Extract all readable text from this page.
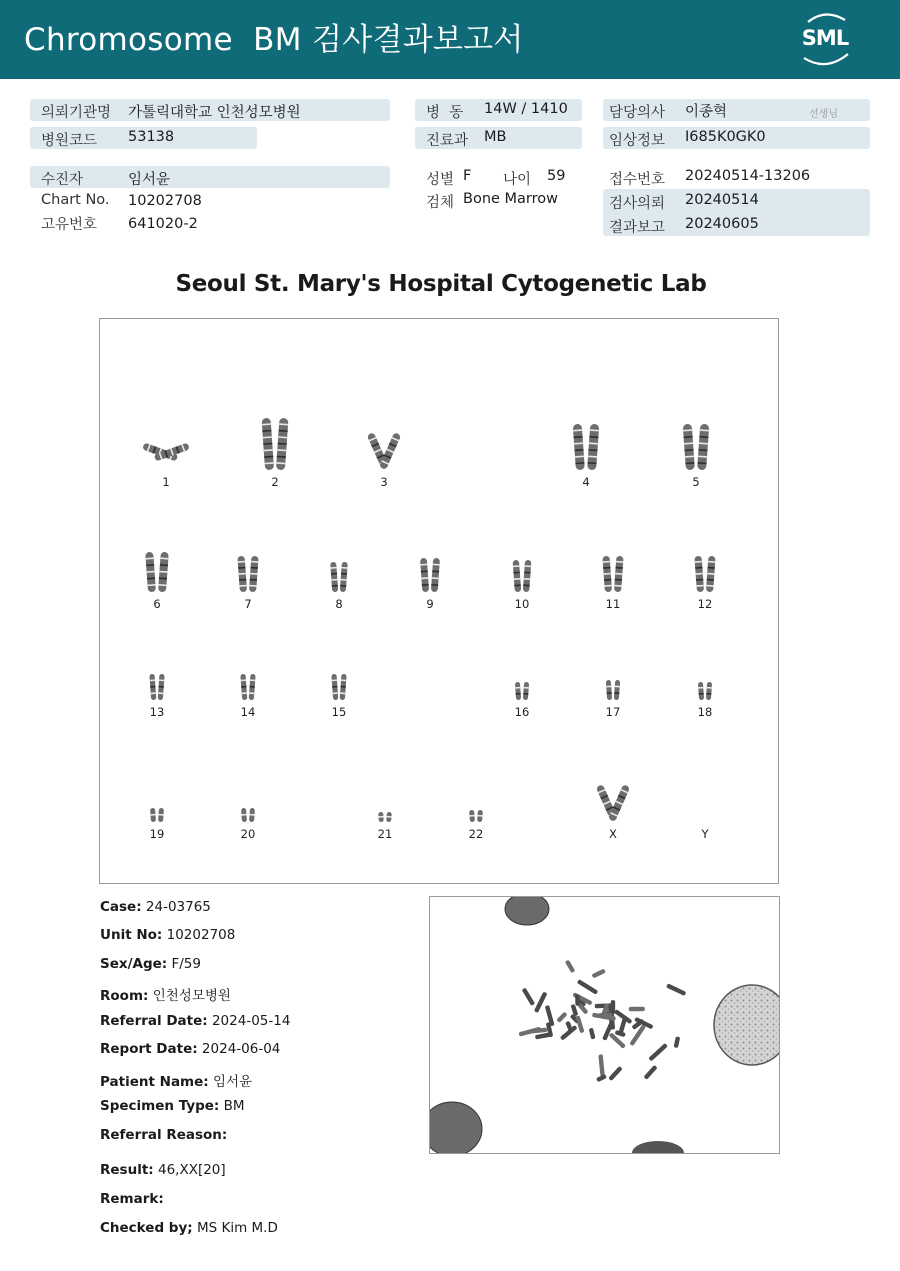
Chromosome  BM 검사결과보고서	SML
의뢰기관명 가톨릭대학교 인천성모병원
병원코드 53138
수진자	임서윤
Chart No. 10202708
고유번호 641020-2
병  동 14W / 1410
진료과 MB
성별 F 나이 59
검체 Bone Marrow
담당의사 이종혁	선생님
임상정보 I685K0GK0
접수번호 20240514-13206
검사의뢰 20240514
결과보고 20240605
Seoul St. Mary's Hospital Cytogenetic Lab
1	2	3	4	5
6	7	8	9	10	11	12
13	14	15	16	17	18
19	20	21	22	X	Y
Case: 24-03765
Unit No: 10202708
Sex/Age: F/59
Room: 인천성모병원
Referral Date: 2024-05-14
Report Date: 2024-06-04
Patient Name: 임서윤
Specimen Type: BM
Referral Reason:
Result: 46,XX[20]
Remark:
Checked by; MS Kim M.D
